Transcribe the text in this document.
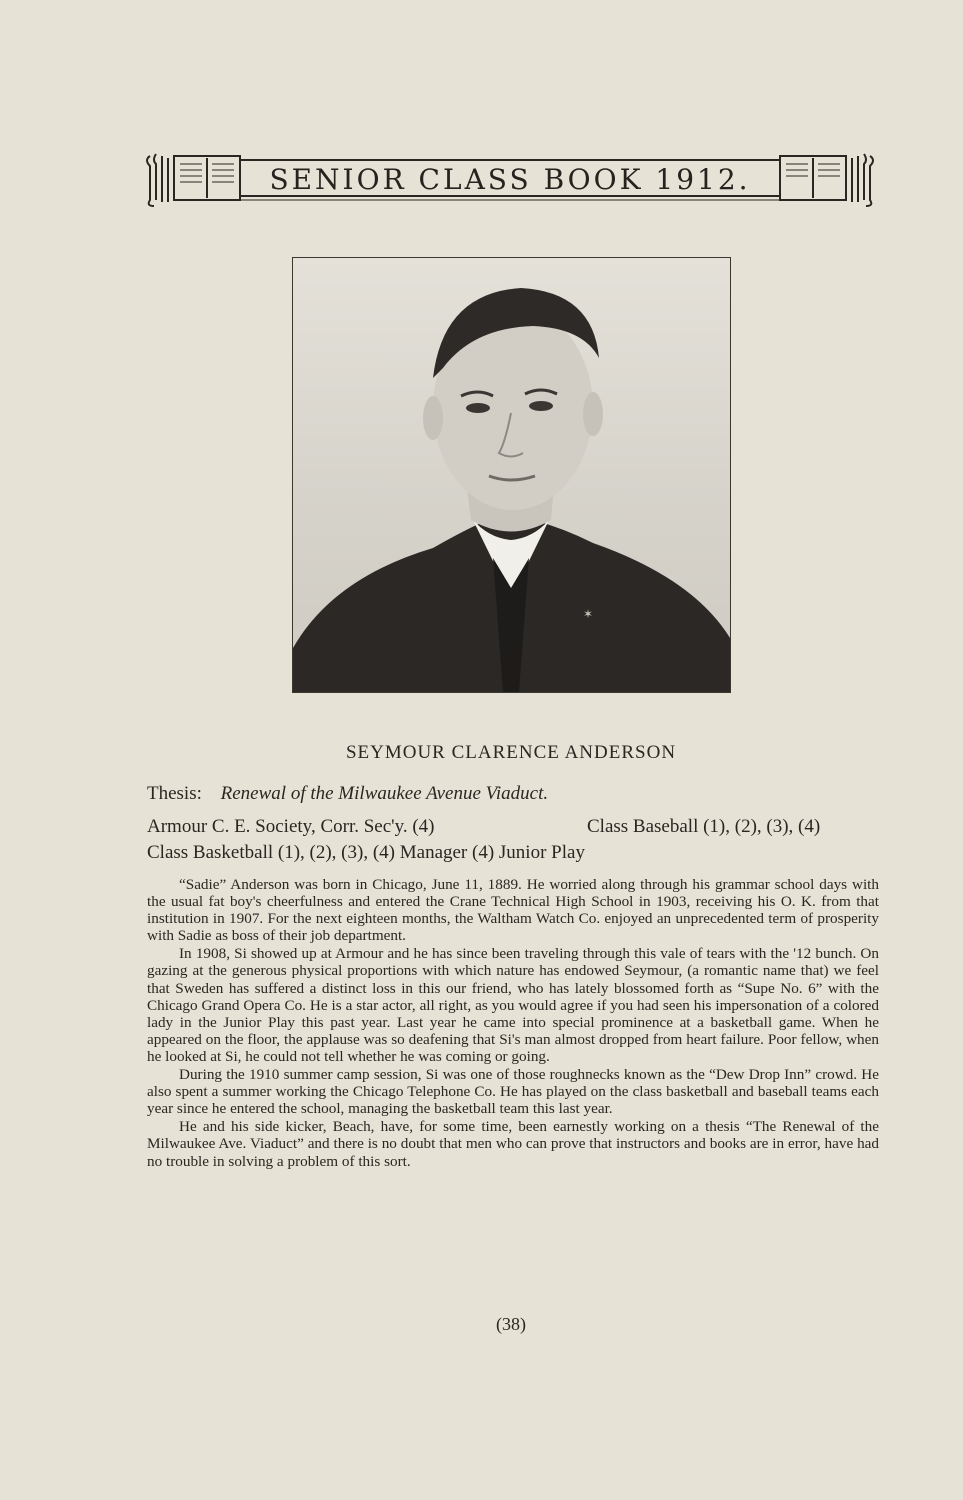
SENIOR CLASS BOOK 1912.
✶
SEYMOUR CLARENCE ANDERSON
Thesis: Renewal of the Milwaukee Avenue Viaduct.
Armour C. E. Society, Corr. Sec'y. (4)	Class Baseball (1), (2), (3), (4)
Class Basketball (1), (2), (3), (4) Manager (4) Junior Play

“Sadie” Anderson was born in Chicago, June 11, 1889. He worried along through his grammar school days with the usual fat boy's cheerfulness and entered the Crane Technical High School in 1903, receiving his O. K. from that institution in 1907. For the next eighteen months, the Waltham Watch Co. enjoyed an unprecedented term of prosperity with Sadie as boss of their job department.

In 1908, Si showed up at Armour and he has since been traveling through this vale of tears with the '12 bunch. On gazing at the generous physical proportions with which nature has endowed Seymour, (a romantic name that) we feel that Sweden has suffered a distinct loss in this our friend, who has lately blossomed forth as “Supe No. 6” with the Chicago Grand Opera Co. He is a star actor, all right, as you would agree if you had seen his impersonation of a colored lady in the Junior Play this past year. Last year he came into special prominence at a basketball game. When he appeared on the floor, the applause was so deafening that Si's man almost dropped from heart failure. Poor fellow, when he looked at Si, he could not tell whether he was coming or going.

During the 1910 summer camp session, Si was one of those roughnecks known as the “Dew Drop Inn” crowd. He also spent a summer working the Chicago Telephone Co. He has played on the class basketball and baseball teams each year since he entered the school, managing the basketball team this last year.

He and his side kicker, Beach, have, for some time, been earnestly working on a thesis “The Renewal of the Milwaukee Ave. Viaduct” and there is no doubt that men who can prove that instructors and books are in error, have had no trouble in solving a problem of this sort.

(38)
